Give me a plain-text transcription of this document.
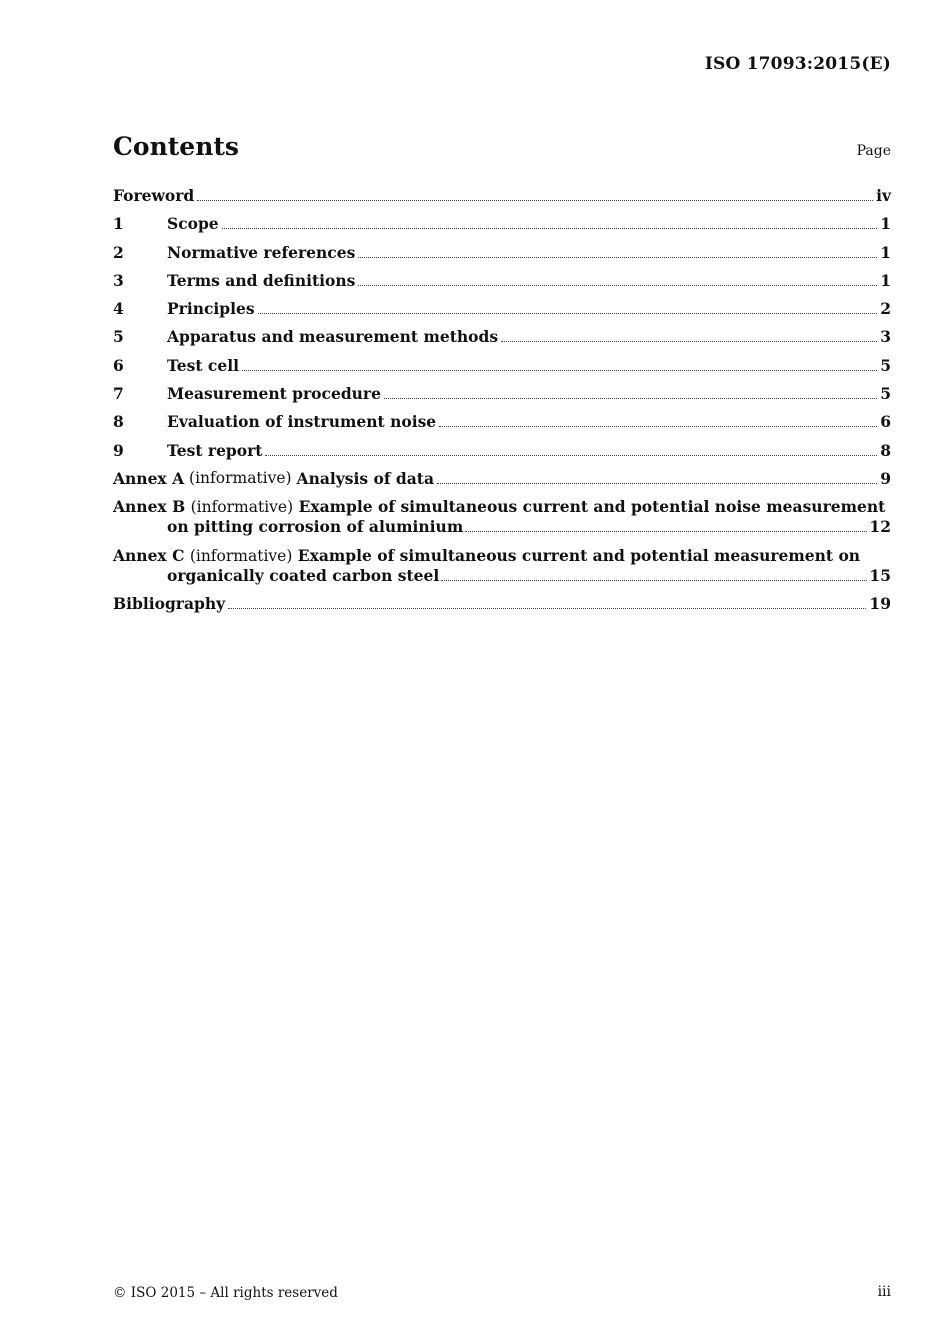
ISO 17093:2015(E)
Contents	Page
Foreword	iv
1	Scope	1
2	Normative references	1
3	Terms and definitions	1
4	Principles	2
5	Apparatus and measurement methods	3
6	Test cell	5
7	Measurement procedure	5
8	Evaluation of instrument noise	6
9	Test report	8
Annex A (informative) Analysis of data	9
Annex B (informative) Example of simultaneous current and potential noise measurement
on pitting corrosion of aluminium	12
Annex C (informative) Example of simultaneous current and potential measurement on
organically coated carbon steel	15
Bibliography	19
© ISO 2015 – All rights reserved	iii
